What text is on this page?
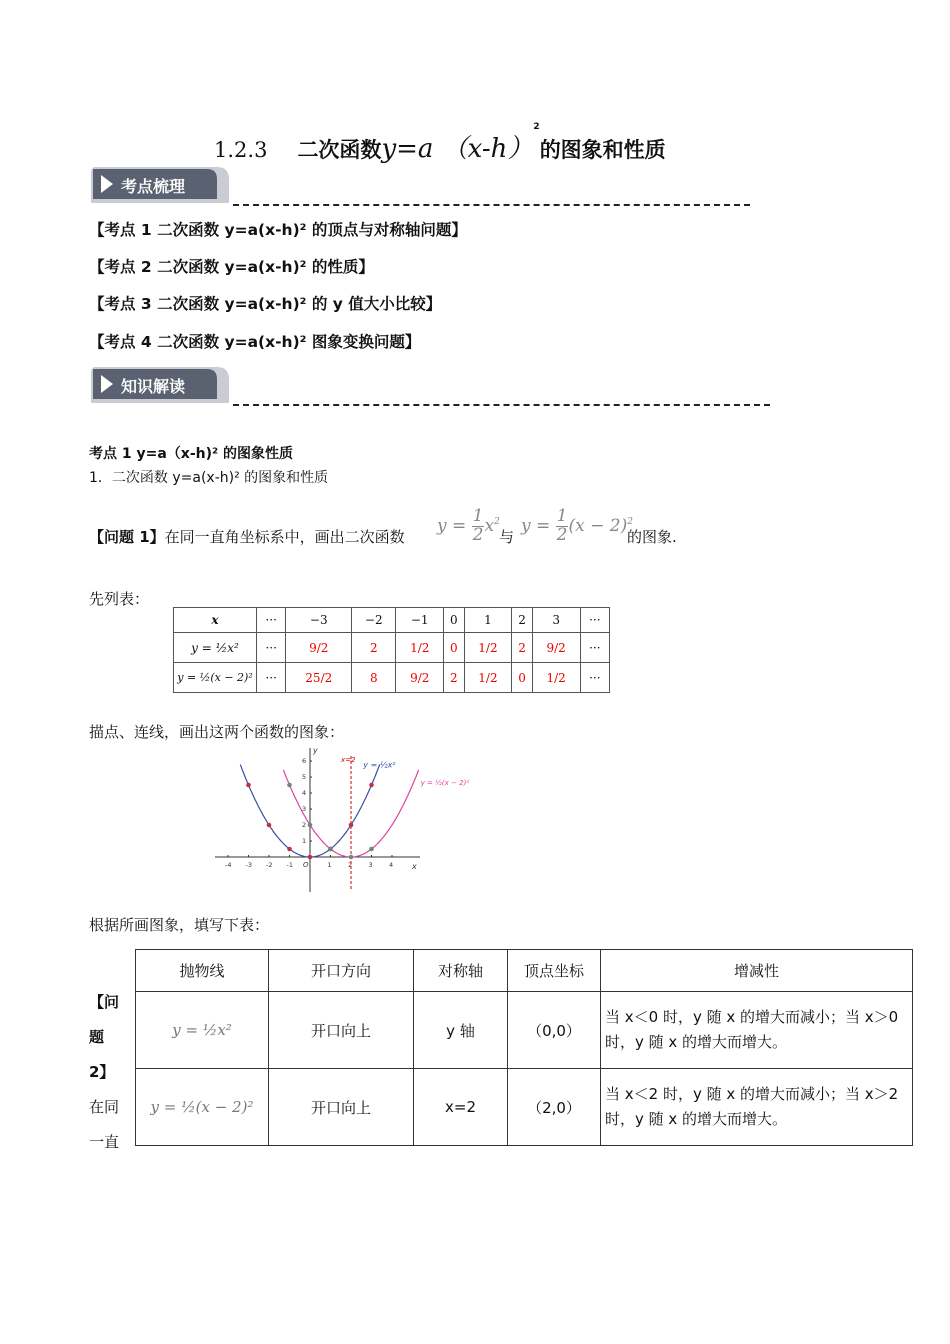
1.2.3 二次函数y=a $(x-h)^2$的图象和性质
考点梳理
【考点 1 二次函数 y=a(x-h)² 的顶点与对称轴问题】
【考点 2 二次函数 y=a(x-h)² 的性质】
【考点 3 二次函数 y=a(x-h)² 的 y 值大小比较】
【考点 4 二次函数 y=a(x-h)² 图象变换问题】
知识解读
考点 1 y=a（x-h)² 的图象性质
1．二次函数 y=a(x-h)² 的图象和性质
【问题 1】在同一直角坐标系中，画出二次函数
$y = \frac{1}{2} x^2$
与
$y = \frac{1}{2} (x - 2)^2$
的图象.
先列表：
x	···	−3	−2	−1	0	1	2	3	···
y = ½x²	···	9/2	2	1/2	0	1/2	2	9/2	···
y = ½(x − 2)²	···	25/2	8	9/2	2	1/2	0	1/2	···
描点、连线，画出这两个函数的图象：
x
y
O
-4 -3 -2 -1	1	2	3	4
1
2
3
4
5
6	x=2
y = ½x²
y = ½(x − 2)²
根据所画图象，填写下表：
【问
题
2】
在同
一直
抛物线	开口方向	对称轴	顶点坐标	增减性
y = ½x²	开口向上	y 轴	（0,0）	当 x＜0 时，y 随 x 的增大而减小；当 x＞0 时，y 随 x 的增大而增大。
y = ½(x − 2)²	开口向上	x=2	（2,0）	当 x＜2 时，y 随 x 的增大而减小；当 x＞2 时，y 随 x 的增大而增大。
